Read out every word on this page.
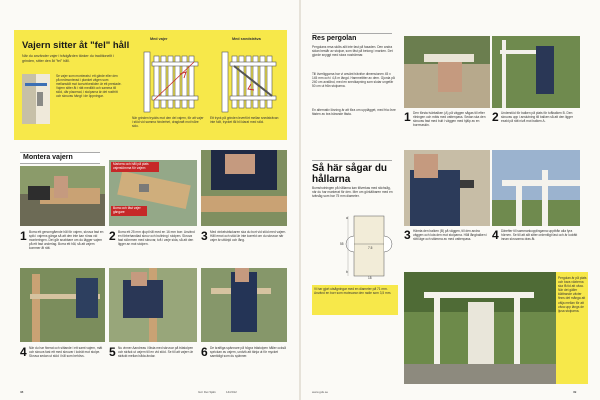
Vajern sitter åt "fel" håll
När du använder vajer i trädgården tänker du traditionellt i grinden, sitter den åt "fel" håll.
Se vajer som monterats i ett gärde eller den på nedmonterad i planket vägen som mellanskilt mot korsvirkestiden är ett prestade. Vajern sitter åt i rätt medfält och samma till stöd, där placerad, i stolparna är det rostfritt och skruvas hängt i de öppningar.
Med vajer	Med snedsträva
När grinden tryckts mot den del vajern, för att vajer i stöd vid samma hinderhet, dragkraft mot tvåre sido.
Ett tryck på grinden leverfört mellan snedsträvan inte fullt, trycket tål bli klarat med stöd.
Montera vajern
Markera och håll på plats vajerstömma för vajern
Borra och fäst vajer gängare
1 Borra ett genomgående hål för vajern, skruva fast en spik i vajerns gänga så att den inte kan röras vid monteringen. Det går snabbare om du lägger vajern på ett fast underlag. Borra ett hål, så att vajern kommer åt rätt.
2 Borra ett 25 mm djupt hål med en 16 mm borr. Använd en förbehandlad skruv och bultning i stolpen. Skruva fast stömmen med skruvar, två i varje sida, så att den ligger an mot stolpen.
3 Med vinkelsträckaren ska du bort vid stöd med vajern. Håll emot och stöd är inte korrekt om du skruvar när vajer är uttänjd och lång.
4 När du har fixerat och sittande i ett samt vajern, mät och skruva fast ett med skruvar i lodrät mot stolpe. Skruva sedan ut stöd i hål som behövs.	5 Nu vinner Aandreas i fästa med skruvar på trästolpen och sträck ut vajern till en vid stöd. Se till att vajern är sträckt mellan båda ändar.	6 De kraftiga spännare på högra trästolpen håller också sprickan av vajern, undvik att tänja ut för mycket samtidigt som du spänner.
38	Gör Det Själv	14/2012
Res pergolan
Pergolans resa sköts allt inte fast på fasaden. Den andra sidan består av stolpar, som fäst på betong i marken. Det gjorde snyggt med stora nosträrmar.
Till överliggarna har vi använt trävirke dimensionen 45 x 145 mm och i 4,8 m längd. Hammelitter av dem. Gjorda på 240 cm avstånd, med en snedkapning som slutar ungefär 50 cm ut från stolparna.
En alternativ lösning är att föra om upplägget, med fria övre fästen av bra bärande fästa.	1 Den första tvärbalken (A) på väggen sågas till efter ritningen och mäts med vattenpass. Sedan ska den skruvas fast med bult i väggen med hjälp av en borrmaskin.
2 Understöd för balken på plats för tvåbalken B. Den skruvas upp i anslutning till balken så att den ligger exakt på rätt nivå mot balken A.
Så här sågar du hållarna
Bumshutningen på hållarna kan tillverkas med stichsåg, när du har markerat för den. Mer om görkälbaren med en tvärsåg som har 75 mm diameter.
a
b
55
7.5
18
Vi har gjort utsågningar med en diameter på 71 mm. Använd en borr som motsvarar den radie som 3,5 mm.
3 Hämtа den balken (B) på väggen, till den andra väggen och luta den mot stolparna. Håll långbalken i rätt läge och stämma av med vattenpass.	4 Därefter till sammankopplingarna uppifrån alla fyra hörnen. Se till att allt sitter ordentligt fast och är lodrätt innan skruvarna dras åt.
Pergolan är på plats och bara växterna ska få tid att växa. När det gäller klättrande växter finns det många att välja mellan för att växa upp längs de ljusa stolparna.
www.gds.se	39
